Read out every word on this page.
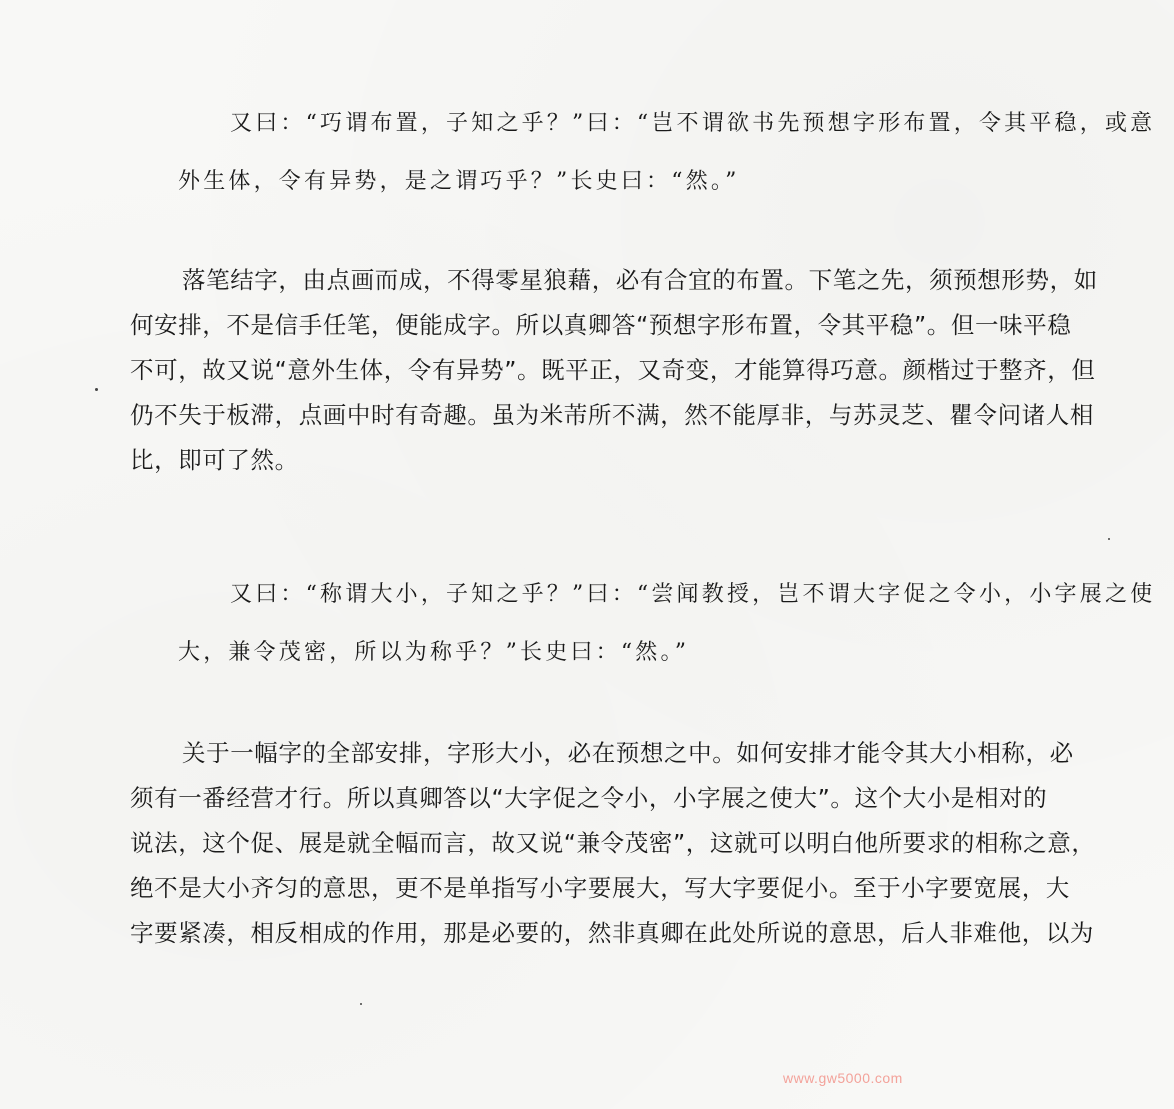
又曰：“巧谓布置，子知之乎？”曰：“岂不谓欲书先预想字形布置，令其平稳，或意
外生体，令有异势，是之谓巧乎？”长史曰：“然。”

落笔结字，由点画而成，不得零星狼藉，必有合宜的布置。下笔之先，须预想形势，如
何安排，不是信手任笔，便能成字。所以真卿答“预想字形布置，令其平稳”。但一味平稳
不可，故又说“意外生体，令有异势”。既平正，又奇变，才能算得巧意。颜楷过于整齐，但
仍不失于板滞，点画中时有奇趣。虽为米芾所不满，然不能厚非，与苏灵芝、瞿令问诸人相
比，即可了然。

又曰：“称谓大小，子知之乎？”曰：“尝闻教授，岂不谓大字促之令小，小字展之使
大，兼令茂密，所以为称乎？”长史曰：“然。”

关于一幅字的全部安排，字形大小，必在预想之中。如何安排才能令其大小相称，必
须有一番经营才行。所以真卿答以“大字促之令小，小字展之使大”。这个大小是相对的
说法，这个促、展是就全幅而言，故又说“兼令茂密”，这就可以明白他所要求的相称之意，
绝不是大小齐匀的意思，更不是单指写小字要展大，写大字要促小。至于小字要宽展，大
字要紧凑，相反相成的作用，那是必要的，然非真卿在此处所说的意思，后人非难他，以为

www.gw5000.com
